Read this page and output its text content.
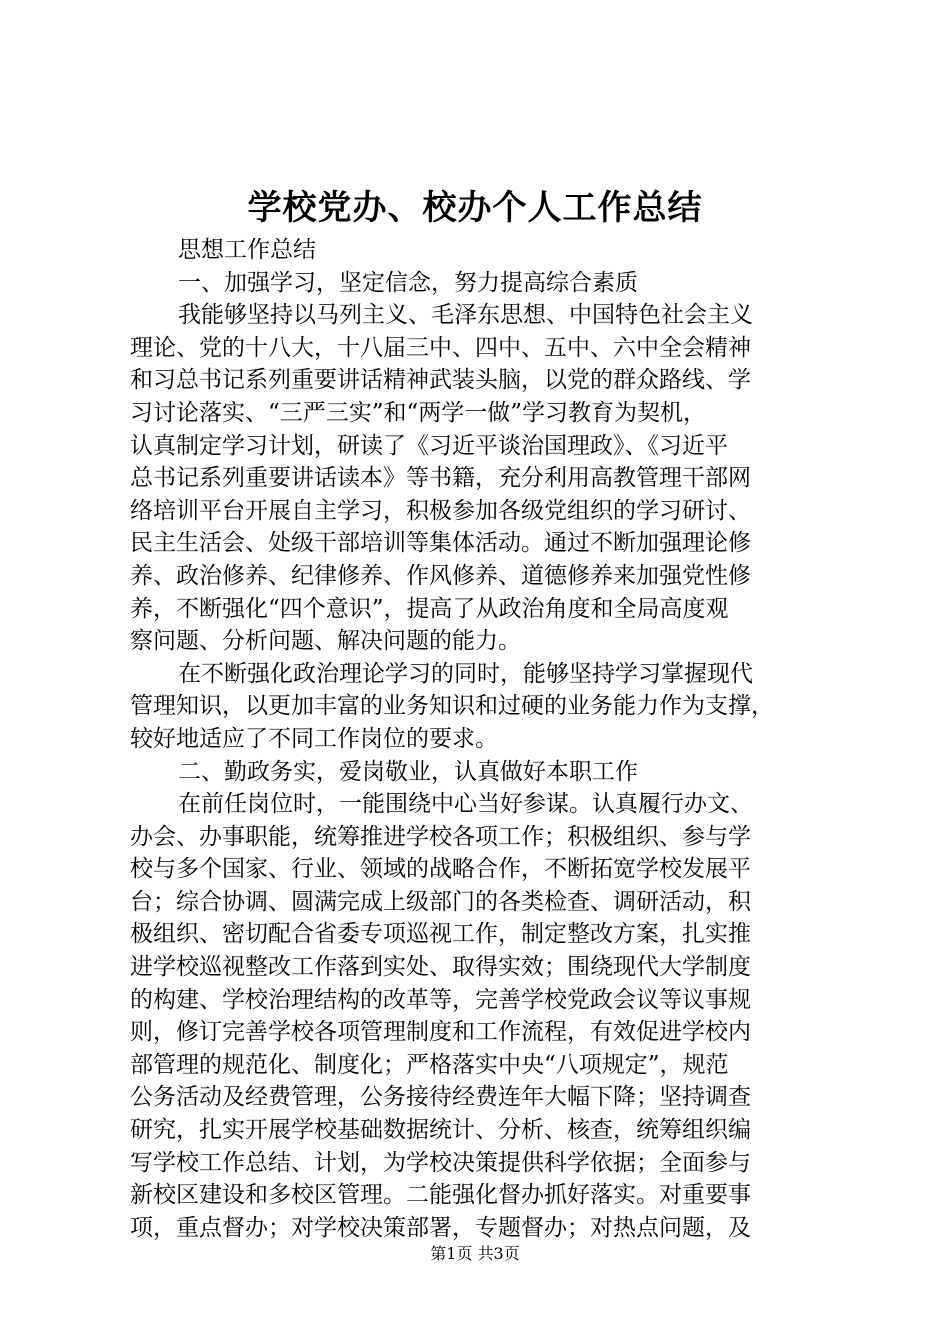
学校党办、校办个人工作总结
思想工作总结
一、加强学习，坚定信念，努力提高综合素质
我能够坚持以马列主义、毛泽东思想、中国特色社会主义
理论、党的十八大，十八届三中、四中、五中、六中全会精神
和习总书记系列重要讲话精神武装头脑，以党的群众路线、学
习讨论落实、“三严三实”和“两学一做”学习教育为契机，
认真制定学习计划，研读了《习近平谈治国理政》、《习近平
总书记系列重要讲话读本》等书籍，充分利用高教管理干部网
络培训平台开展自主学习，积极参加各级党组织的学习研讨、
民主生活会、处级干部培训等集体活动。通过不断加强理论修
养、政治修养、纪律修养、作风修养、道德修养来加强党性修
养，不断强化“四个意识”，提高了从政治角度和全局高度观
察问题、分析问题、解决问题的能力。
在不断强化政治理论学习的同时，能够坚持学习掌握现代
管理知识，以更加丰富的业务知识和过硬的业务能力作为支撑，
较好地适应了不同工作岗位的要求。
二、勤政务实，爱岗敬业，认真做好本职工作
在前任岗位时，一能围绕中心当好参谋。认真履行办文、
办会、办事职能，统筹推进学校各项工作；积极组织、参与学
校与多个国家、行业、领域的战略合作，不断拓宽学校发展平
台；综合协调、圆满完成上级部门的各类检查、调研活动，积
极组织、密切配合省委专项巡视工作，制定整改方案，扎实推
进学校巡视整改工作落到实处、取得实效；围绕现代大学制度
的构建、学校治理结构的改革等，完善学校党政会议等议事规
则，修订完善学校各项管理制度和工作流程，有效促进学校内
部管理的规范化、制度化；严格落实中央“八项规定”，规范
公务活动及经费管理，公务接待经费连年大幅下降；坚持调查
研究，扎实开展学校基础数据统计、分析、核查，统筹组织编
写学校工作总结、计划，为学校决策提供科学依据；全面参与
新校区建设和多校区管理。二能强化督办抓好落实。对重要事
项，重点督办；对学校决策部署，专题督办；对热点问题，及
第1页 共3页
